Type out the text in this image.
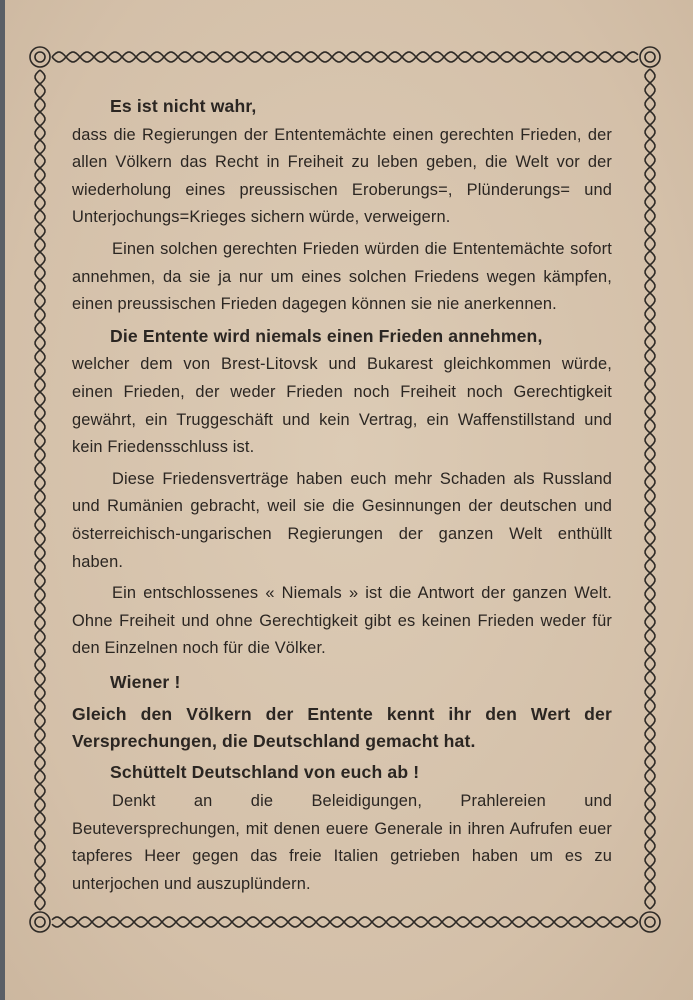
Es ist nicht wahr,
dass die Regierungen der Ententemächte einen gerechten Frieden, der allen Völkern das Recht in Freiheit zu leben geben, die Welt vor der wiederholung eines preussischen Eroberungs=, Plünderungs= und Unterjochungs=Krieges sichern würde, verweigern.

Einen solchen gerechten Frieden würden die Ententemächte sofort annehmen, da sie ja nur um eines solchen Friedens wegen kämpfen, einen preussischen Frieden dagegen können sie nie anerkennen.

Die Entente wird niemals einen Frieden annehmen,
welcher dem von Brest-Litovsk und Bukarest gleichkommen würde, einen Frieden, der weder Frieden noch Freiheit noch Gerechtigkeit gewährt, ein Truggeschäft und kein Vertrag, ein Waffenstillstand und kein Friedensschluss ist.

Diese Friedensverträge haben euch mehr Schaden als Russland und Rumänien gebracht, weil sie die Gesinnungen der deutschen und österreichisch-ungarischen Regierungen der ganzen Welt enthüllt haben.

Ein entschlossenes « Niemals » ist die Antwort der ganzen Welt. Ohne Freiheit und ohne Gerechtigkeit gibt es keinen Frieden weder für den Einzelnen noch für die Völker.

Wiener !

Gleich den Völkern der Entente kennt ihr den Wert der Versprechungen, die Deutschland gemacht hat.

Schüttelt Deutschland von euch ab !

Denkt an die Beleidigungen, Prahlereien und Beuteversprechungen, mit denen euere Generale in ihren Aufrufen euer tapferes Heer gegen das freie Italien getrieben haben um es zu unterjochen und auszuplündern.
